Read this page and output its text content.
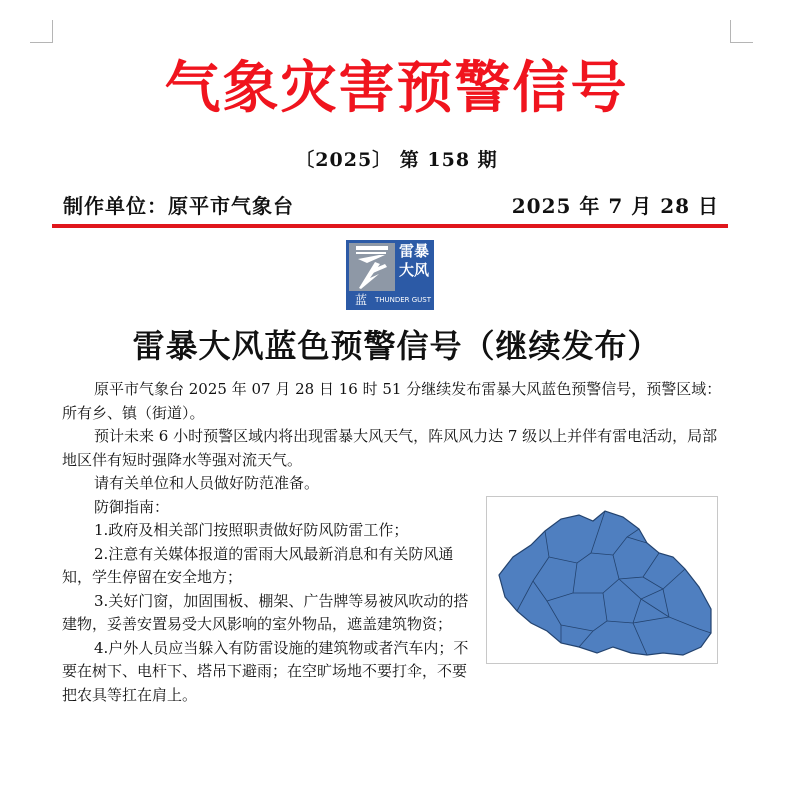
气象灾害预警信号
〔2025〕 第 158 期
制作单位：原平市气象台	2025 年 7 月 28 日
雷暴
大风
蓝	THUNDER GUST
雷暴大风蓝色预警信号（继续发布）

原平市气象台 2025 年 07 月 28 日 16 时 51 分继续发布雷暴大风蓝色预警信号，预警区域：所有乡、镇（街道）。

预计未来 6 小时预警区域内将出现雷暴大风天气，阵风风力达 7 级以上并伴有雷电活动，局部地区伴有短时强降水等强对流天气。

请有关单位和人员做好防范准备。

防御指南：

1.政府及相关部门按照职责做好防风防雷工作；

2.注意有关媒体报道的雷雨大风最新消息和有关防风通知，学生停留在安全地方；

3.关好门窗，加固围板、棚架、广告牌等易被风吹动的搭建物，妥善安置易受大风影响的室外物品，遮盖建筑物资；

4.户外人员应当躲入有防雷设施的建筑物或者汽车内；不要在树下、电杆下、塔吊下避雨；在空旷场地不要打伞，不要把农具等扛在肩上。
